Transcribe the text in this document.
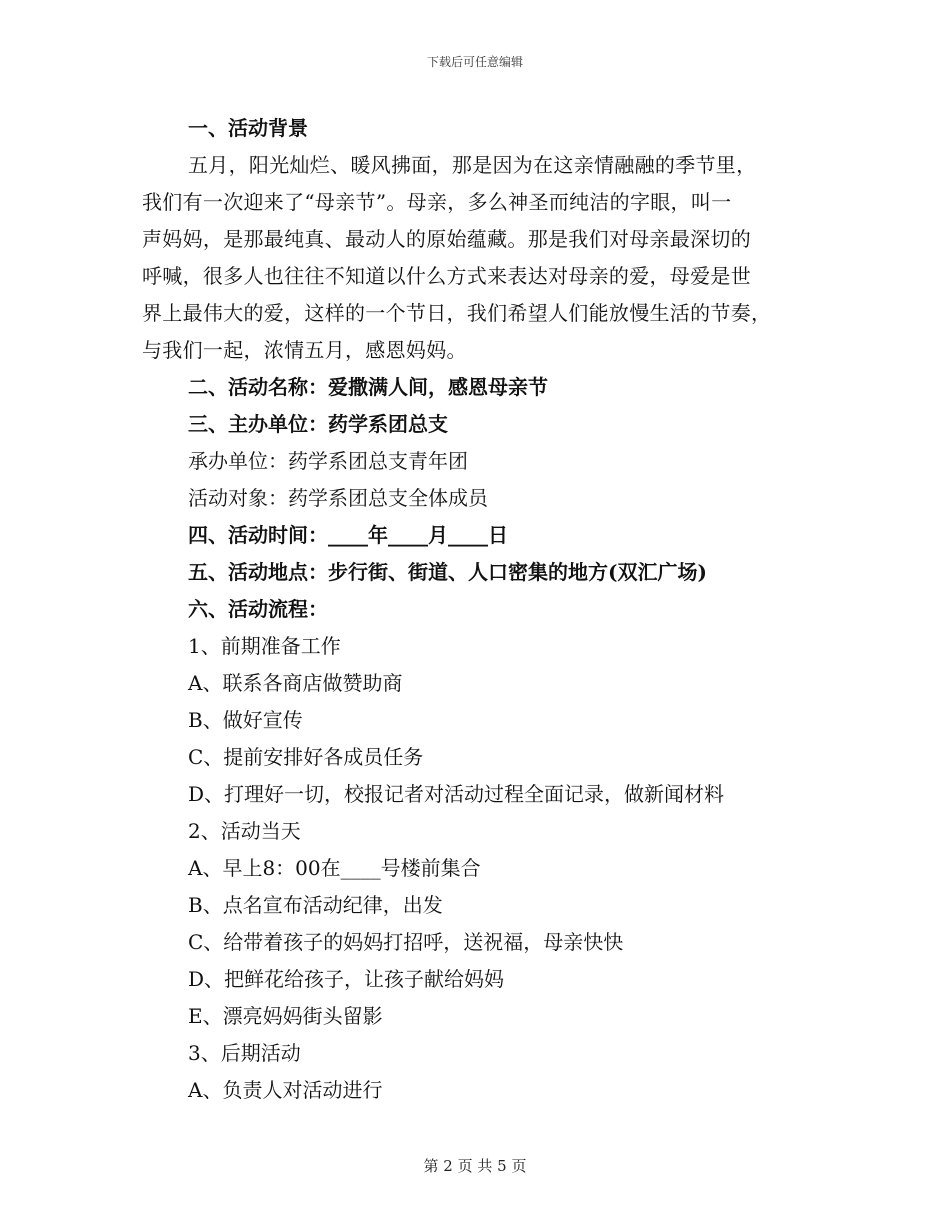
下载后可任意编辑
一、活动背景
五月，阳光灿烂、暖风拂面，那是因为在这亲情融融的季节里，
我们有一次迎来了“母亲节”。母亲，多么神圣而纯洁的字眼，叫一
声妈妈，是那最纯真、最动人的原始蕴藏。那是我们对母亲最深切的
呼喊，很多人也往往不知道以什么方式来表达对母亲的爱，母爱是世
界上最伟大的爱，这样的一个节日，我们希望人们能放慢生活的节奏，
与我们一起，浓情五月，感恩妈妈。
二、活动名称：爱撒满人间，感恩母亲节
三、主办单位：药学系团总支
承办单位：药学系团总支青年团
活动对象：药学系团总支全体成员
四、活动时间：____年____月____日
五、活动地点：步行街、街道、人口密集的地方(双汇广场)
六、活动流程：
1、前期准备工作
A、联系各商店做赞助商
B、做好宣传
C、提前安排好各成员任务
D、打理好一切，校报记者对活动过程全面记录，做新闻材料
2、活动当天
A、早上8：00在____号楼前集合
B、点名宣布活动纪律，出发
C、给带着孩子的妈妈打招呼，送祝福，母亲快快
D、把鲜花给孩子，让孩子献给妈妈
E、漂亮妈妈街头留影
3、后期活动
A、负责人对活动进行
第 2 页 共 5 页
